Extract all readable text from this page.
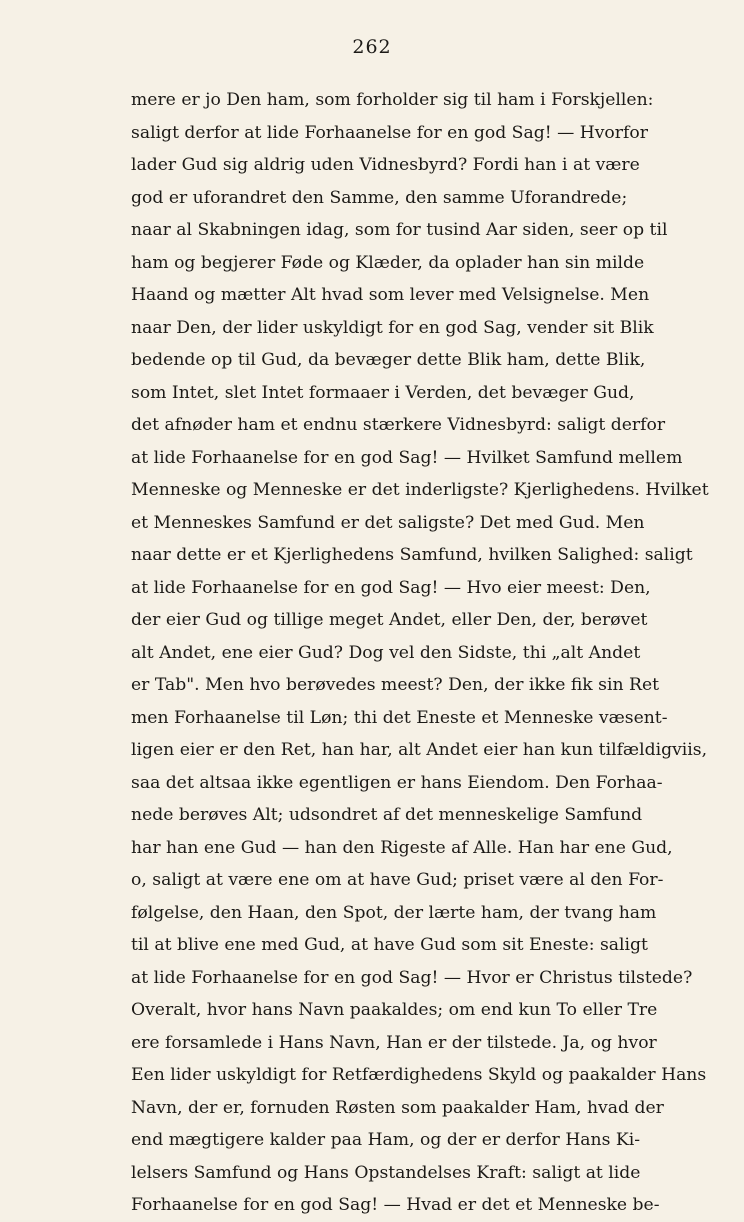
262
mere er jo Den ham, som forholder sig til ham i Forskjellen:
saligt derfor at lide Forhaanelse for en god Sag! — Hvorfor
lader Gud sig aldrig uden Vidnesbyrd? Fordi han i at være
god er uforandret den Samme, den samme Uforandrede;
naar al Skabningen idag, som for tusind Aar siden, seer op til
ham og begjerer Føde og Klæder, da oplader han sin milde
Haand og mætter Alt hvad som lever med Velsignelse. Men
naar Den, der lider uskyldigt for en god Sag, vender sit Blik
bedende op til Gud, da bevæger dette Blik ham, dette Blik,
som Intet, slet Intet formaaer i Verden, det bevæger Gud,
det afnøder ham et endnu stærkere Vidnesbyrd: saligt derfor
at lide Forhaanelse for en god Sag! — Hvilket Samfund mellem
Menneske og Menneske er det inderligste? Kjerlighedens. Hvilket
et Menneskes Samfund er det saligste? Det med Gud. Men
naar dette er et Kjerlighedens Samfund, hvilken Salighed: saligt
at lide Forhaanelse for en god Sag! — Hvo eier meest: Den,
der eier Gud og tillige meget Andet, eller Den, der, berøvet
alt Andet, ene eier Gud? Dog vel den Sidste, thi „alt Andet
er Tab". Men hvo berøvedes meest? Den, der ikke fik sin Ret
men Forhaanelse til Løn; thi det Eneste et Menneske væsent-
ligen eier er den Ret, han har, alt Andet eier han kun tilfældigviis,
saa det altsaa ikke egentligen er hans Eiendom. Den Forhaa-
nede berøves Alt; udsondret af det menneskelige Samfund
har han ene Gud — han den Rigeste af Alle. Han har ene Gud,
o, saligt at være ene om at have Gud; priset være al den For-
følgelse, den Haan, den Spot, der lærte ham, der tvang ham
til at blive ene med Gud, at have Gud som sit Eneste: saligt
at lide Forhaanelse for en god Sag! — Hvor er Christus tilstede?
Overalt, hvor hans Navn paakaldes; om end kun To eller Tre
ere forsamlede i Hans Navn, Han er der tilstede. Ja, og hvor
Een lider uskyldigt for Retfærdighedens Skyld og paakalder Hans
Navn, der er, fornuden Røsten som paakalder Ham, hvad der
end mægtigere kalder paa Ham, og der er derfor Hans Ki-
lelsers Samfund og Hans Opstandelses Kraft: saligt at lide
Forhaanelse for en god Sag! — Hvad er det et Menneske be-
